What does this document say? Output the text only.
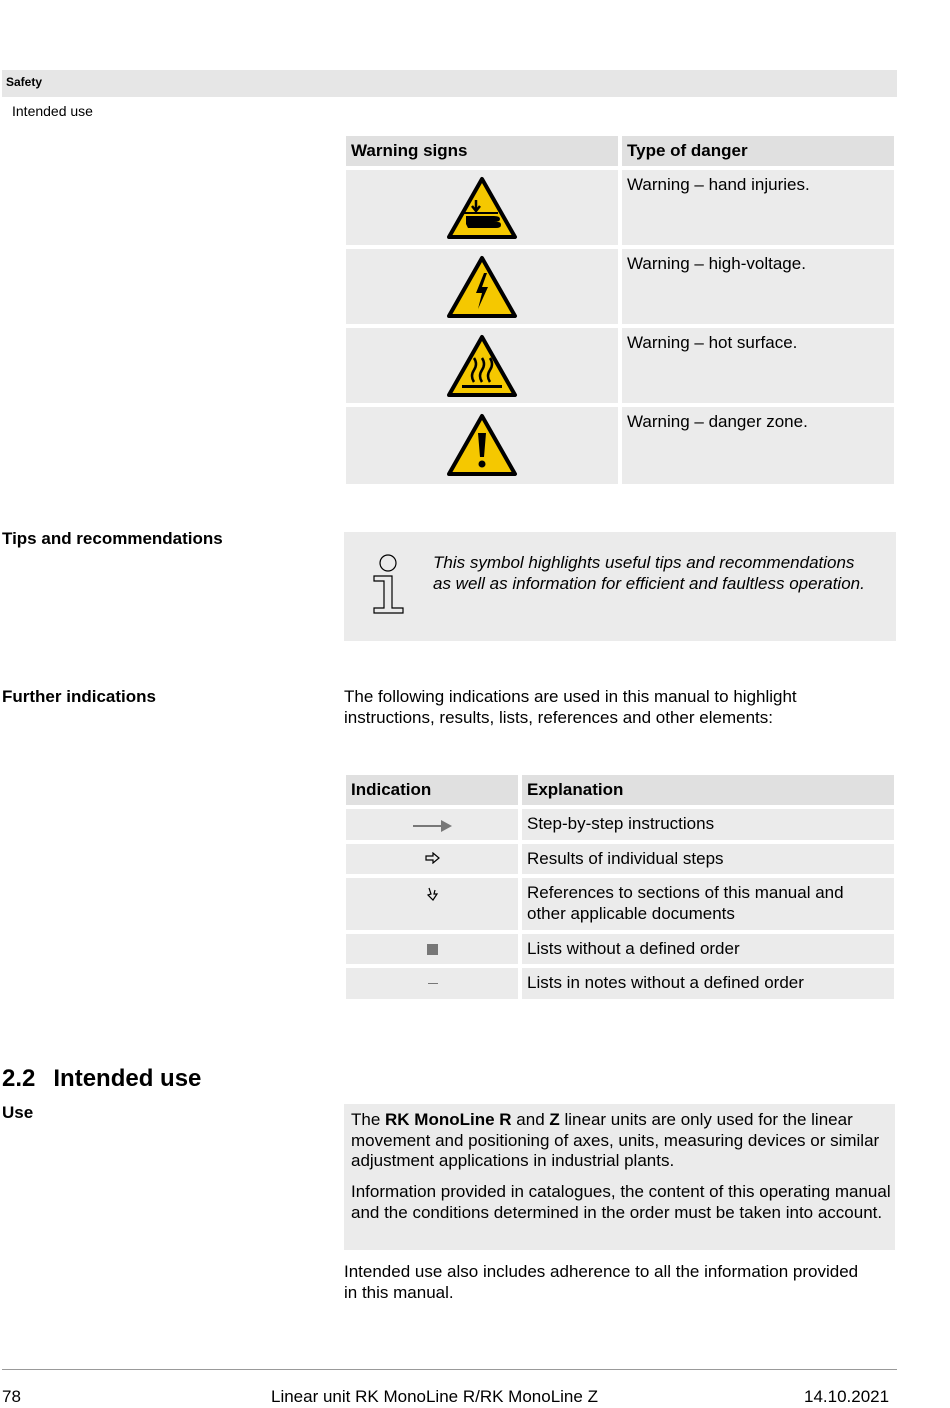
Safety
Intended use
Warning signs	Type of danger
Warning – hand injuries.
Warning – high-voltage.
Warning – hot surface.
Warning – danger zone.
Tips and recommendations
This symbol highlights useful tips and recommendations as well as information for efficient and faultless operation.
Further indications	The following indications are used in this manual to highlight instructions, results, lists, references and other elements:
Indication	Explanation
Step-by-step instructions
Results of individual steps
References to sections of this manual and other applicable documents
Lists without a defined order
Lists in notes without a defined order
2.2 Intended use
Use	The RK MonoLine R and Z linear units are only used for the linear movement and positioning of axes, units, measuring devices or similar adjustment applications in industrial plants.
Information provided in catalogues, the content of this operating manual and the conditions determined in the order must be taken into account.
Intended use also includes adherence to all the information provided in this manual.
78	Linear unit RK MonoLine R/RK MonoLine Z	14.10.2021
